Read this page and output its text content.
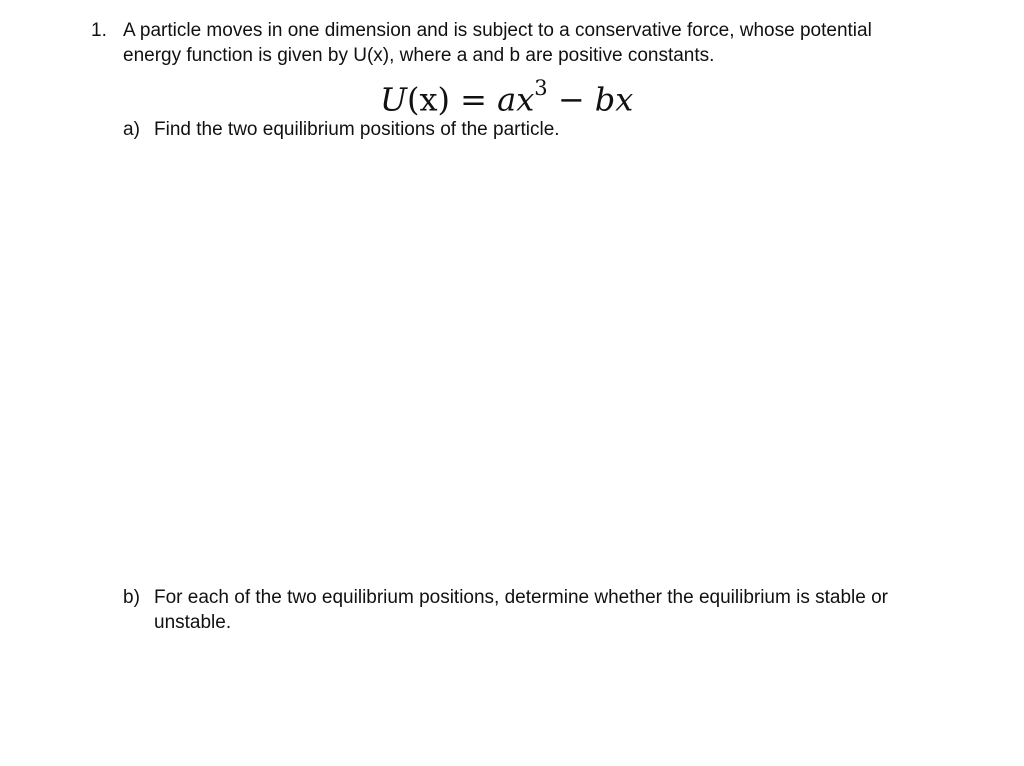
1. A particle moves in one dimension and is subject to a conservative force, whose potential energy function is given by U(x), where a and b are positive constants.
$U(x) = ax^3$ − bx
a) Find the two equilibrium positions of the particle.
b) For each of the two equilibrium positions, determine whether the equilibrium is stable or unstable.
